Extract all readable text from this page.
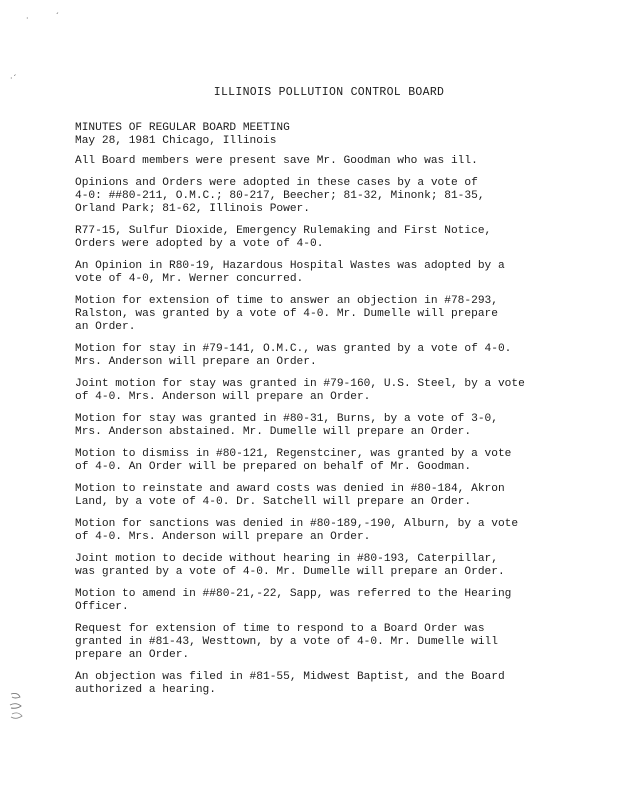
·	ˊ
·ˊ
ILLINOIS POLLUTION CONTROL BOARD
MINUTES OF REGULAR BOARD MEETING
May 28, 1981 Chicago, Illinois

All Board members were present save Mr. Goodman who was ill.

Opinions and Orders were adopted in these cases by a vote of
4-0: ##80-211, O.M.C.; 80-217, Beecher; 81-32, Minonk; 81-35,
Orland Park; 81-62, Illinois Power.

R77-15, Sulfur Dioxide, Emergency Rulemaking and First Notice,
Orders were adopted by a vote of 4-0.

An Opinion in R80-19, Hazardous Hospital Wastes was adopted by a
vote of 4-0, Mr. Werner concurred.

Motion for extension of time to answer an objection in #78-293,
Ralston, was granted by a vote of 4-0. Mr. Dumelle will prepare
an Order.

Motion for stay in #79-141, O.M.C., was granted by a vote of 4-0.
Mrs. Anderson will prepare an Order.

Joint motion for stay was granted in #79-160, U.S. Steel, by a vote
of 4-0. Mrs. Anderson will prepare an Order.

Motion for stay was granted in #80-31, Burns, by a vote of 3-0,
Mrs. Anderson abstained. Mr. Dumelle will prepare an Order.

Motion to dismiss in #80-121, Regenstciner, was granted by a vote
of 4-0. An Order will be prepared on behalf of Mr. Goodman.

Motion to reinstate and award costs was denied in #80-184, Akron
Land, by a vote of 4-0. Dr. Satchell will prepare an Order.

Motion for sanctions was denied in #80-189,-190, Alburn, by a vote
of 4-0. Mrs. Anderson will prepare an Order.

Joint motion to decide without hearing in #80-193, Caterpillar,
was granted by a vote of 4-0. Mr. Dumelle will prepare an Order.

Motion to amend in ##80-21,-22, Sapp, was referred to the Hearing
Officer.

Request for extension of time to respond to a Board Order was
granted in #81-43, Westtown, by a vote of 4-0. Mr. Dumelle will
prepare an Order.

An objection was filed in #81-55, Midwest Baptist, and the Board
authorized a hearing.
